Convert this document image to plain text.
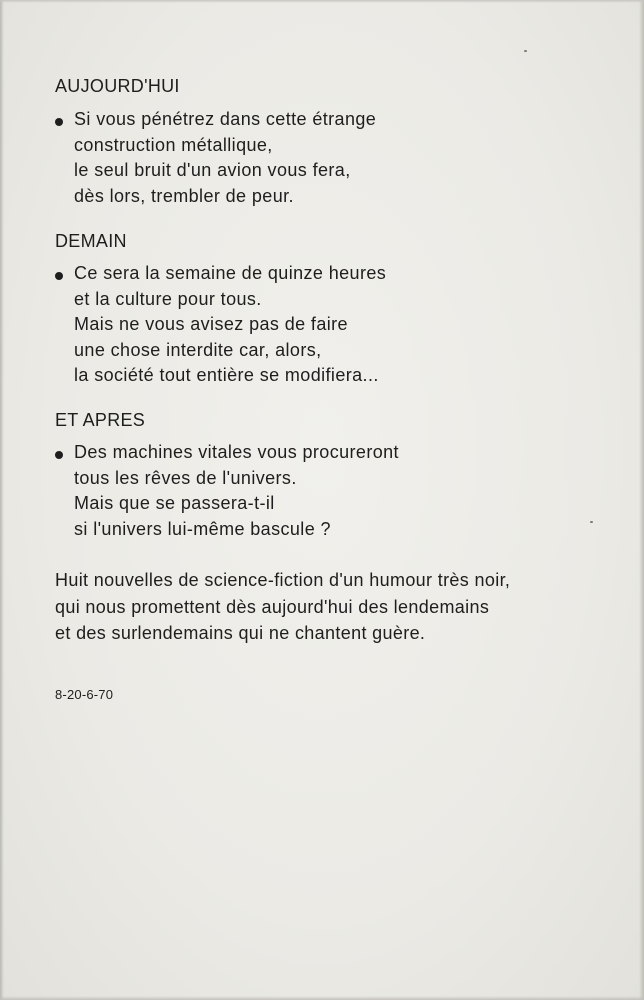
AUJOURD'HUI
Si vous pénétrez dans cette étrange
construction métallique,
le seul bruit d'un avion vous fera,
dès lors, trembler de peur.
DEMAIN
Ce sera la semaine de quinze heures
et la culture pour tous.
Mais ne vous avisez pas de faire
une chose interdite car, alors,
la société tout entière se modifiera...
ET APRES
Des machines vitales vous procureront
tous les rêves de l'univers.
Mais que se passera-t-il
si l'univers lui-même bascule ?
Huit nouvelles de science-fiction d'un humour très noir,
qui nous promettent dès aujourd'hui des lendemains
et des surlendemains qui ne chantent guère.
8-20-6-70
